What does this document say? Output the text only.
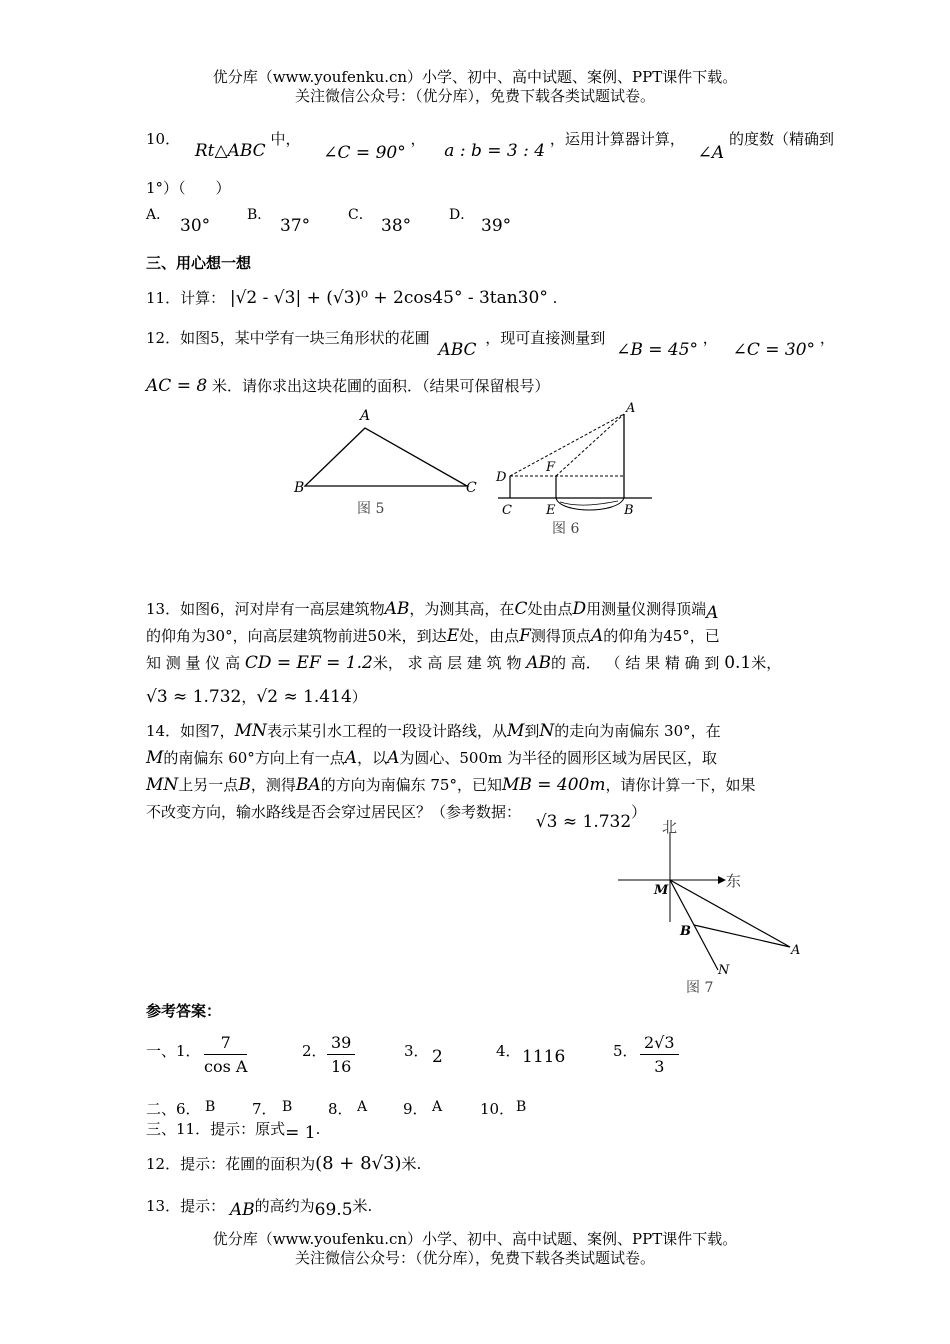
优分库（www.youfenku.cn）小学、初中、高中试题、案例、PPT课件下载。
关注微信公众号：（优分库），免费下载各类试题试卷。
10． Rt△ABC 中， ∠C = 90° ， a : b = 3 : 4 ，运用计算器计算， ∠A 的度数（精确到
1°）（　　）
A．
30°
B．
37°
C．
38°
D．
39°
三、用心想一想
11．计算： |√2 - √3| + (√3)⁰ + 2cos45° - 3tan30° .
12．如图5，某中学有一块三角形状的花圃 ABC ，现可直接测量到 ∠B = 45° ， ∠C = 30° ，
AC = 8 米．请你求出这块花圃的面积．（结果可保留根号）
A
B	C
图 5
A
F
D
C	E	B
图 6
13．如图6，河对岸有一高层建筑物AB，为测其高，在C处由点D用测量仪测得顶端A
的仰角为30°，向高层建筑物前进50米，到达E处，由点F测得顶点A的仰角为45°，已
知 测 量 仪 高 CD = EF = 1.2米， 求 高 层 建 筑 物 AB的 高． （ 结 果 精 确 到 0.1米，
√3 ≈ 1.732，√2 ≈ 1.414）
14．如图7，MN表示某引水工程的一段设计路线，从M到N的走向为南偏东 30°，在
M的南偏东 60°方向上有一点A，以A为圆心、500m 为半径的圆形区域为居民区，取
MN上另一点B，测得BA的方向为南偏东 75°，已知MB = 400m，请你计算一下，如果
不改变方向，输水路线是否会穿过居民区？（参考数据： √3 ≈ 1.732）
北
东
M
B
A
N
图 7
参考答案：
一、1． $\frac{7}{\text{cos A}}$	2． $\frac{39}{16}$	3． 2	4． 1116	5． $\frac{2√3}{3}$
二、6． B 7． B 8． A 9． A	10． B
三、11．提示：原式= 1.
12．提示：花圃的面积为(8 + 8√3)米.
13．提示： AB的高约为69.5米.
优分库（www.youfenku.cn）小学、初中、高中试题、案例、PPT课件下载。
关注微信公众号：（优分库），免费下载各类试题试卷。
